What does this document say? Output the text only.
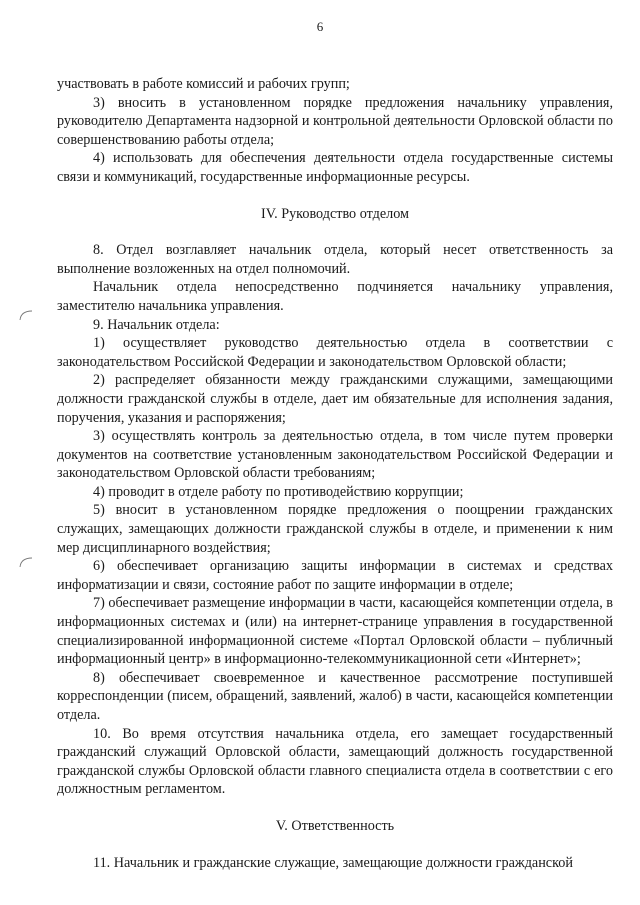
6

участвовать в работе комиссий и рабочих групп;

3) вносить в установленном порядке предложения начальнику управления, руководителю Департамента надзорной и контрольной деятельности Орловской области по совершенствованию работы отдела;

4) использовать для обеспечения деятельности отдела государственные системы связи и коммуникаций, государственные информационные ресурсы.

IV. Руководство отделом

8. Отдел возглавляет начальник отдела, который несет ответственность за выполнение возложенных на отдел полномочий.

Начальник отдела непосредственно подчиняется начальнику управления, заместителю начальника управления.

9. Начальник отдела:

1) осуществляет руководство деятельностью отдела в соответствии с законодательством Российской Федерации и законодательством Орловской области;

2) распределяет обязанности между гражданскими служащими, замещающими должности гражданской службы в отделе, дает им обязательные для исполнения задания, поручения, указания и распоряжения;

3) осуществлять контроль за деятельностью отдела, в том числе путем проверки документов на соответствие установленным законодательством Российской Федерации и законодательством Орловской области требованиям;

4) проводит в отделе работу по противодействию коррупции;

5) вносит в установленном порядке предложения о поощрении гражданских служащих, замещающих должности гражданской службы в отделе, и применении к ним мер дисциплинарного воздействия;

6) обеспечивает организацию защиты информации в системах и средствах информатизации и связи, состояние работ по защите информации в отделе;

7) обеспечивает размещение информации в части, касающейся компетенции отдела, в информационных системах и (или) на интернет-странице управления в государственной специализированной информационной системе «Портал Орловской области – публичный информационный центр» в информационно-телекоммуникационной сети «Интернет»;

8) обеспечивает своевременное и качественное рассмотрение поступившей корреспонденции (писем, обращений, заявлений, жалоб) в части, касающейся компетенции отдела.

10. Во время отсутствия начальника отдела, его замещает государственный гражданский служащий Орловской области, замещающий должность государственной гражданской службы Орловской области главного специалиста отдела в соответствии с его должностным регламентом.

V. Ответственность

11. Начальник и гражданские служащие, замещающие должности гражданской
